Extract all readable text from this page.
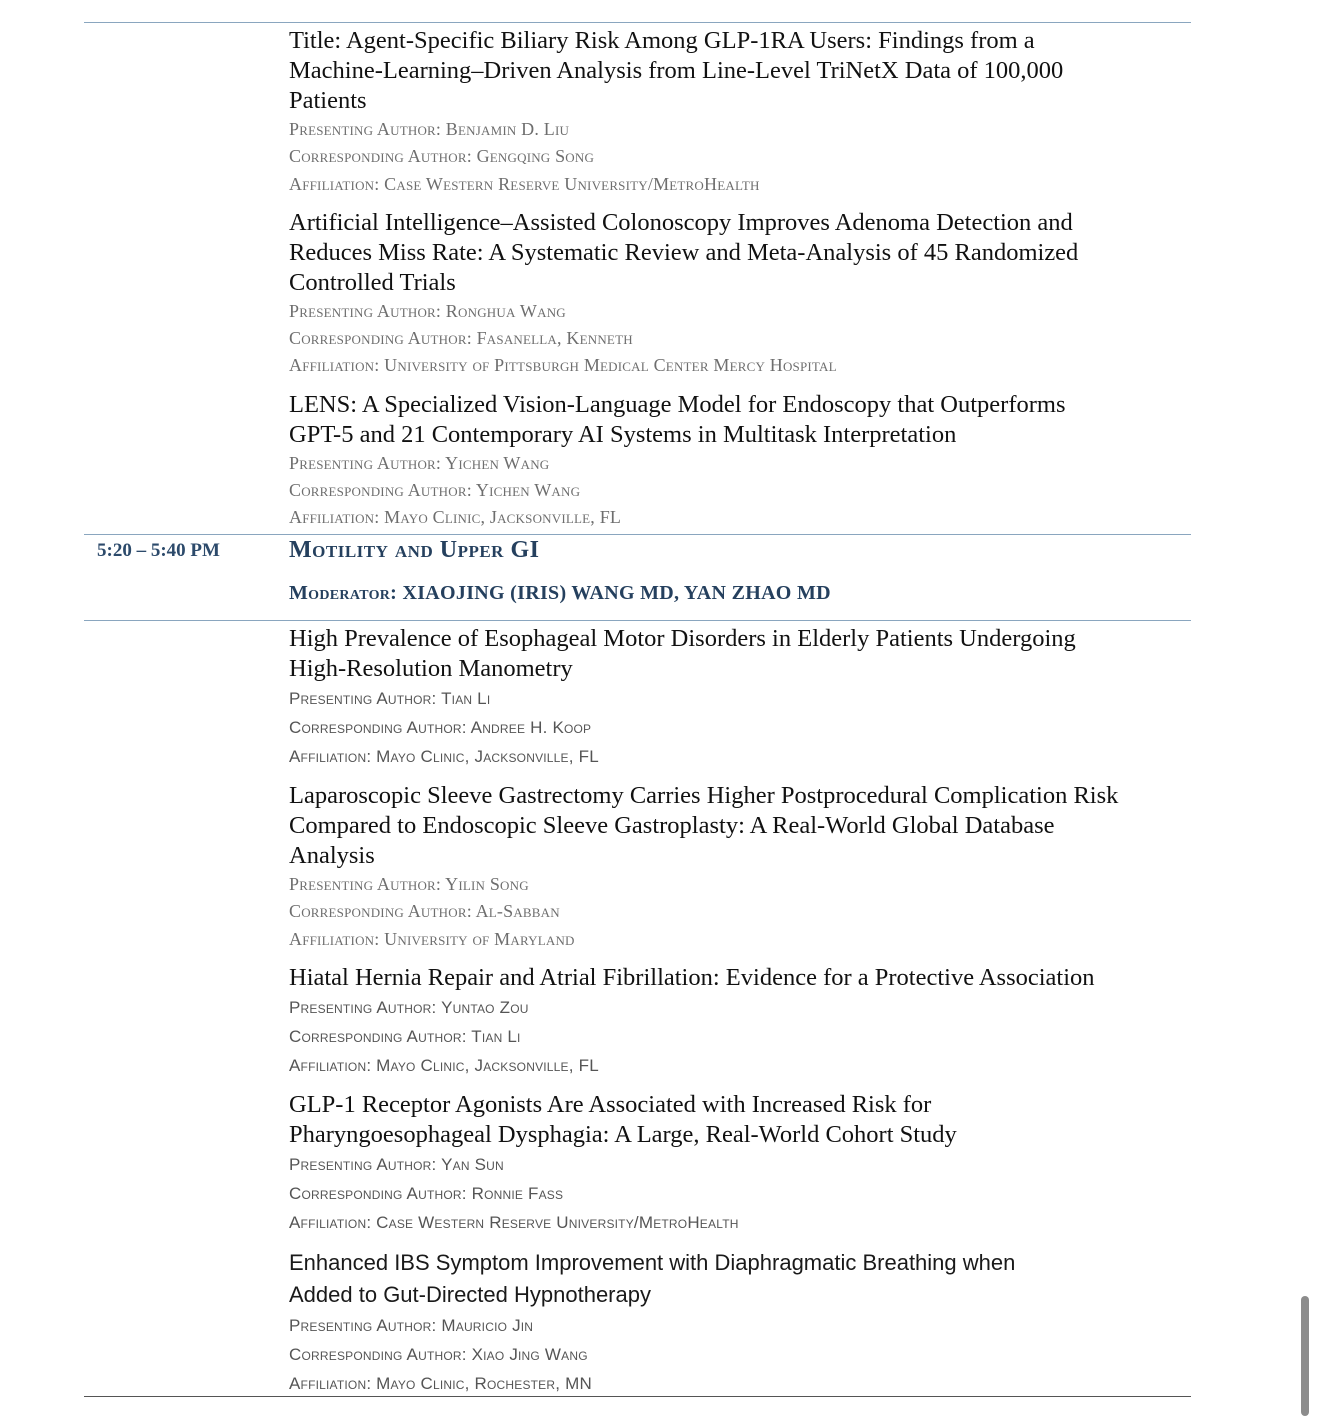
Title: Agent-Specific Biliary Risk Among GLP-1RA Users: Findings from a
Machine-Learning–Driven Analysis from Line-Level TriNetX Data of 100,000
Patients

Presenting Author: Benjamin D. Liu

Corresponding Author: Gengqing Song

Affiliation: Case Western Reserve University/MetroHealth

Artificial Intelligence–Assisted Colonoscopy Improves Adenoma Detection and
Reduces Miss Rate: A Systematic Review and Meta-Analysis of 45 Randomized
Controlled Trials

Presenting Author: Ronghua Wang

Corresponding Author: Fasanella, Kenneth

Affiliation: University of Pittsburgh Medical Center Mercy Hospital

LENS: A Specialized Vision-Language Model for Endoscopy that Outperforms
GPT-5 and 21 Contemporary AI Systems in Multitask Interpretation

Presenting Author: Yichen Wang

Corresponding Author: Yichen Wang

Affiliation: Mayo Clinic, Jacksonville, FL

5:20 – 5:40 PM	Motility and Upper GI
Moderator: XIAOJING (IRIS) WANG MD, YAN ZHAO MD

High Prevalence of Esophageal Motor Disorders in Elderly Patients Undergoing
High-Resolution Manometry

Presenting Author: Tian Li

Corresponding Author: Andree H. Koop

Affiliation: Mayo Clinic, Jacksonville, FL

Laparoscopic Sleeve Gastrectomy Carries Higher Postprocedural Complication Risk
Compared to Endoscopic Sleeve Gastroplasty: A Real-World Global Database
Analysis

Presenting Author: Yilin Song

Corresponding Author: Al-Sabban

Affiliation: University of Maryland

Hiatal Hernia Repair and Atrial Fibrillation: Evidence for a Protective Association

Presenting Author: Yuntao Zou

Corresponding Author: Tian Li

Affiliation: Mayo Clinic, Jacksonville, FL

GLP-1 Receptor Agonists Are Associated with Increased Risk for
Pharyngoesophageal Dysphagia: A Large, Real-World Cohort Study

Presenting Author: Yan Sun

Corresponding Author: Ronnie Fass

Affiliation: Case Western Reserve University/MetroHealth

Enhanced IBS Symptom Improvement with Diaphragmatic Breathing when
Added to Gut-Directed Hypnotherapy

Presenting Author: Mauricio Jin

Corresponding Author: Xiao Jing Wang

Affiliation: Mayo Clinic, Rochester, MN
